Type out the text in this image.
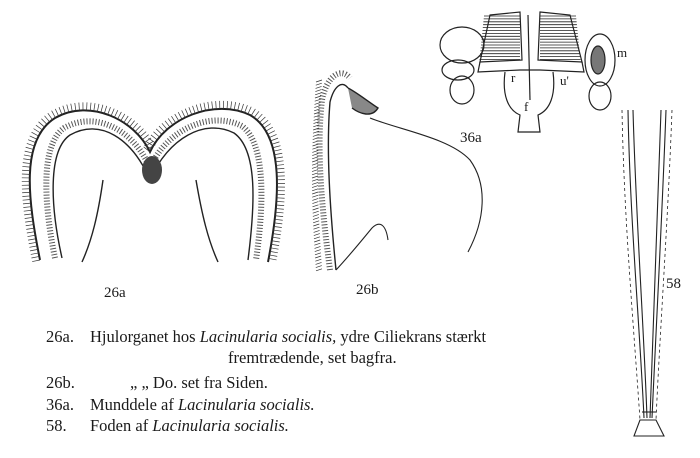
26a	26b
36a
58
m
r	u'
f
26a. Hjulorganet hos Lacinularia socialis, ydre Ciliekrans stærkt
fremtrædende, set bagfra.
26b.	„ „ Do. set fra Siden.
36a. Munddele af Lacinularia socialis.
58. Foden af Lacinularia socialis.
